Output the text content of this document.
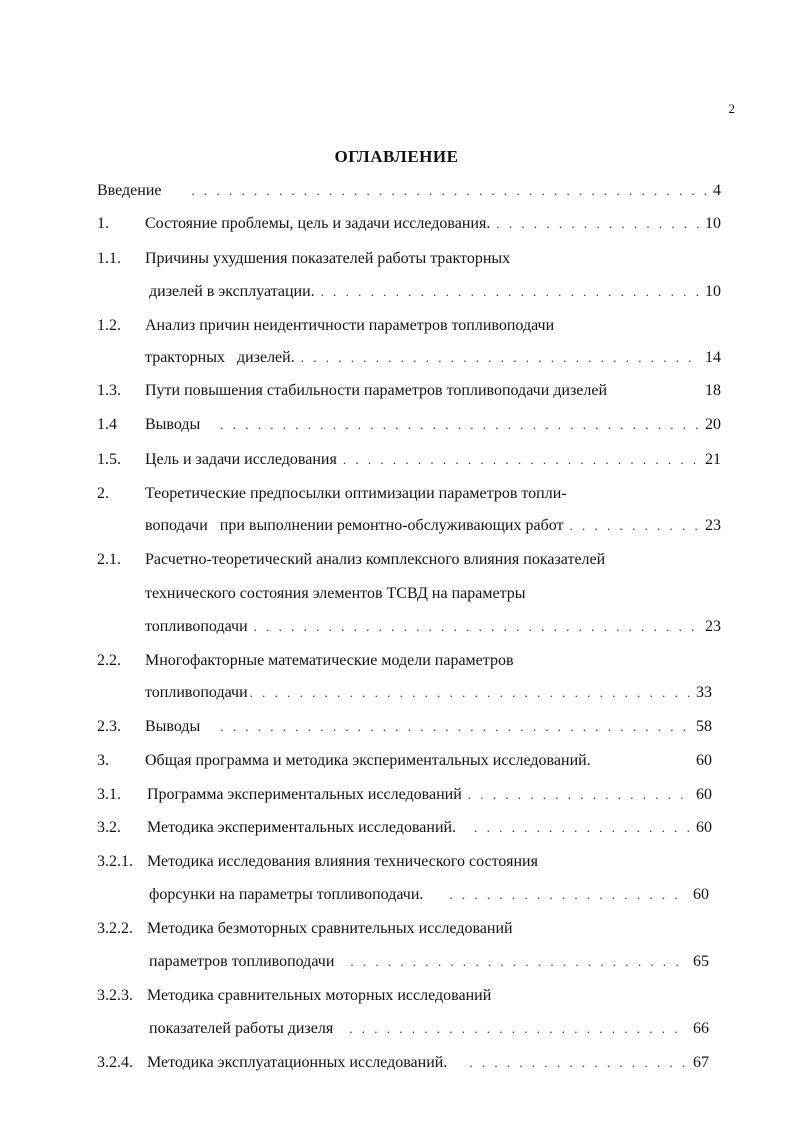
2
ОГЛАВЛЕНИЕ
Введение . . .	4
1. Состояние проблемы, цель и задачи исследования. . . .	10
1.1. Причины ухудшения показателей работы тракторных
дизелей в эксплуатации. . . .	10
1.2. Анализ причин неидентичности параметров топливоподачи
тракторных   дизелей. . . .	14
1.3. Пути повышения стабильности параметров топливоподачи дизелей	18
1.4 Выводы . . .	20
1.5. Цель и задачи исследования . . .	21
2. Теоретические предпосылки оптимизации параметров топли-
воподачи   при выполнении ремонтно-обслуживающих работ . . .	23
2.1. Расчетно-теоретический анализ комплексного влияния показателей
технического состояния элементов ТСВД на параметры
топливоподачи . . .	23
2.2. Многофакторные математические модели параметров
топливоподачи . . .	33
2.3. Выводы . . .	58
3. Общая программа и методика экспериментальных исследований.	60
3.1. Программа экспериментальных исследований . . .	60
3.2. Методика экспериментальных исследований. . . .	60
3.2.1. Методика исследования влияния технического состояния
форсунки на параметры топливоподачи. . . .	60
3.2.2. Методика безмоторных сравнительных исследований
параметров топливоподачи . . .	65
3.2.3. Методика сравнительных моторных исследований
показателей работы дизеля . . .	66
3.2.4. Методика эксплуатационных исследований. . . .	67
